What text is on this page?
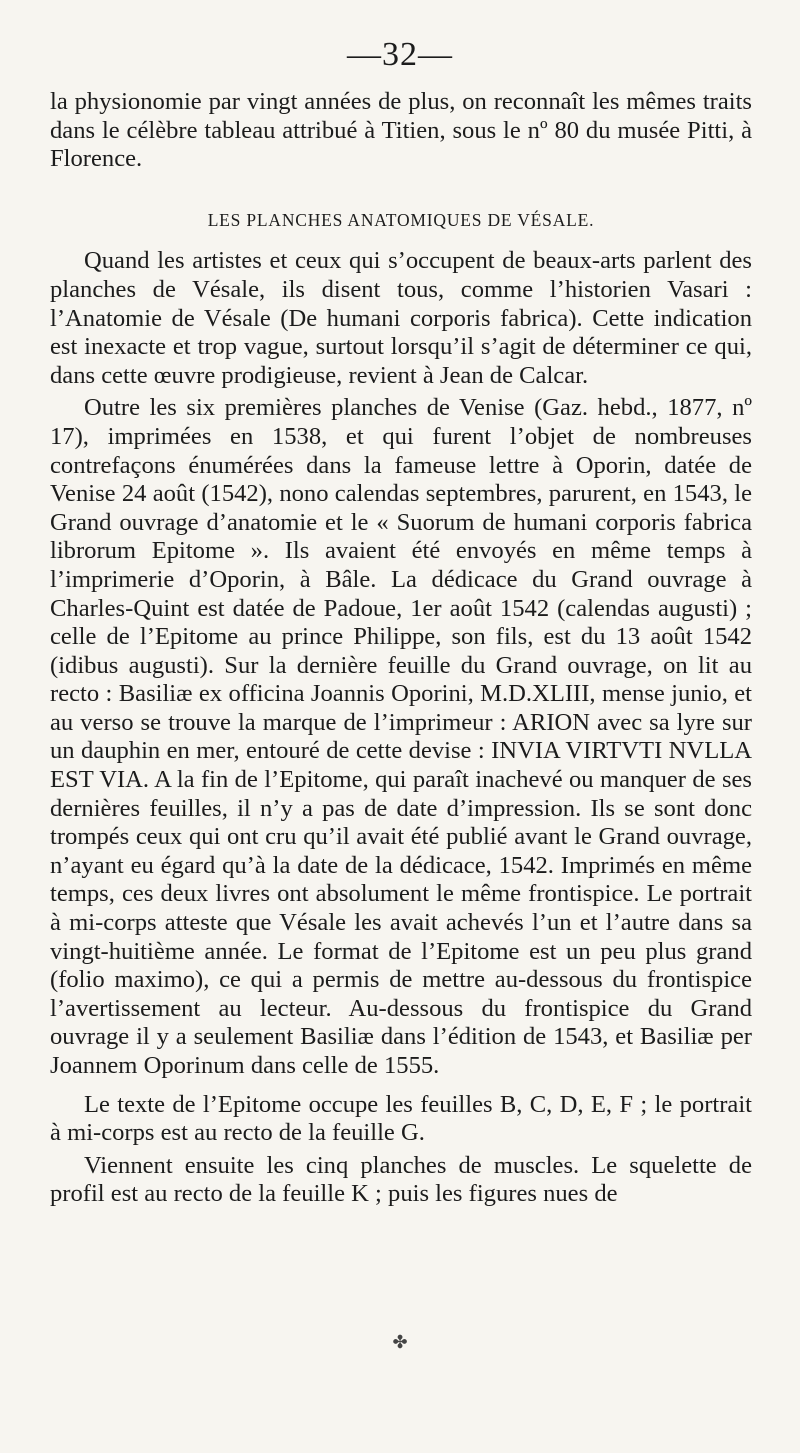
—32—

la physionomie par vingt années de plus, on reconnaît les mêmes traits dans le célèbre tableau attribué à Titien, sous le nº 80 du musée Pitti, à Florence.

LES PLANCHES ANATOMIQUES DE VÉSALE.

Quand les artistes et ceux qui s’occupent de beaux-arts parlent des planches de Vésale, ils disent tous, comme l’historien Vasari : l’Anatomie de Vésale (De humani corporis fabrica). Cette indication est inexacte et trop vague, surtout lorsqu’il s’agit de déterminer ce qui, dans cette œuvre prodigieuse, revient à Jean de Calcar.

Outre les six premières planches de Venise (Gaz. hebd., 1877, nº 17), imprimées en 1538, et qui furent l’objet de nombreuses contrefaçons énumérées dans la fameuse lettre à Oporin, datée de Venise 24 août (1542), nono calendas septembres, parurent, en 1543, le Grand ouvrage d’anatomie et le « Suorum de humani corporis fabrica librorum Epitome ». Ils avaient été envoyés en même temps à l’imprimerie d’Oporin, à Bâle. La dédicace du Grand ouvrage à Charles-Quint est datée de Padoue, 1er août 1542 (calendas augusti) ; celle de l’Epitome au prince Philippe, son fils, est du 13 août 1542 (idibus augusti). Sur la dernière feuille du Grand ouvrage, on lit au recto : Basiliæ ex officina Joannis Oporini, M.D.XLIII, mense junio, et au verso se trouve la marque de l’imprimeur : ARION avec sa lyre sur un dauphin en mer, entouré de cette devise : INVIA VIRTVTI NVLLA EST VIA. A la fin de l’Epitome, qui paraît inachevé ou manquer de ses dernières feuilles, il n’y a pas de date d’impression. Ils se sont donc trompés ceux qui ont cru qu’il avait été publié avant le Grand ouvrage, n’ayant eu égard qu’à la date de la dédicace, 1542. Imprimés en même temps, ces deux livres ont absolument le même frontispice. Le portrait à mi-corps atteste que Vésale les avait achevés l’un et l’autre dans sa vingt-huitième année. Le format de l’Epitome est un peu plus grand (folio maximo), ce qui a permis de mettre au-dessous du frontispice l’avertissement au lecteur. Au-dessous du frontispice du Grand ouvrage il y a seulement Basiliæ dans l’édition de 1543, et Basiliæ per Joannem Oporinum dans celle de 1555.

Le texte de l’Epitome occupe les feuilles B, C, D, E, F ; le portrait à mi-corps est au recto de la feuille G.

Viennent ensuite les cinq planches de muscles. Le squelette de profil est au recto de la feuille K ; puis les figures nues de

✤
